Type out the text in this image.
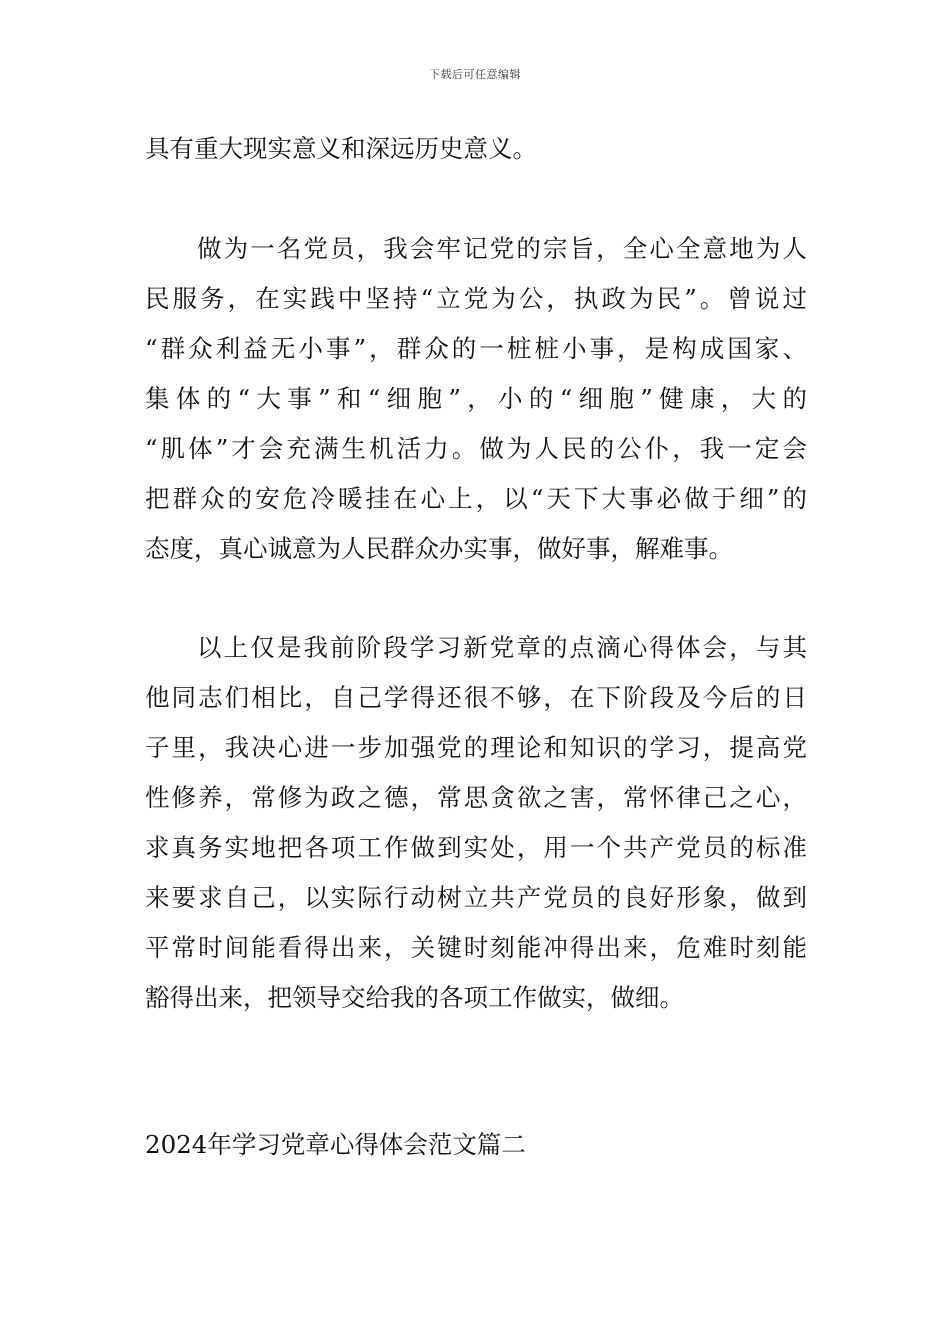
下载后可任意编辑
具有重大现实意义和深远历史意义。
做为一名党员，我会牢记党的宗旨，全心全意地为人
民服务，在实践中坚持“立党为公，执政为民”。曾说过
“群众利益无小事”，群众的一桩桩小事，是构成国家、
集体的“大事”和“细胞”，小的“细胞”健康，大的
“肌体”才会充满生机活力。做为人民的公仆，我一定会
把群众的安危冷暖挂在心上，以“天下大事必做于细”的
态度，真心诚意为人民群众办实事，做好事，解难事。
以上仅是我前阶段学习新党章的点滴心得体会，与其
他同志们相比，自己学得还很不够，在下阶段及今后的日
子里，我决心进一步加强党的理论和知识的学习，提高党
性修养，常修为政之德，常思贪欲之害，常怀律己之心，
求真务实地把各项工作做到实处，用一个共产党员的标准
来要求自己，以实际行动树立共产党员的良好形象，做到
平常时间能看得出来，关键时刻能冲得出来，危难时刻能
豁得出来，把领导交给我的各项工作做实，做细。
2024年学习党章心得体会范文篇二
